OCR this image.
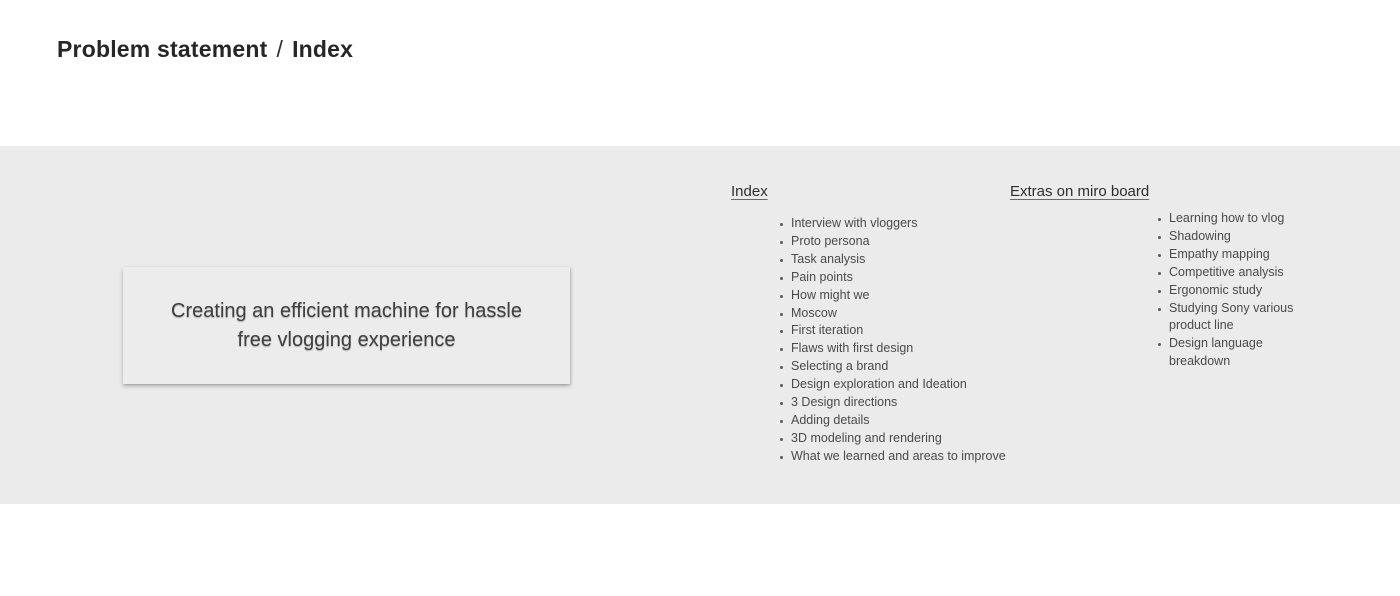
Problem statement / Index
Creating an efficient machine for hassle free vlogging experience
Index
Interview with vloggers
Proto persona
Task analysis
Pain points
How might we
Moscow
First iteration
Flaws with first design
Selecting a brand
Design exploration and Ideation
3 Design directions
Adding details
3D modeling and rendering
What we learned and areas to improve
Extras on miro board
Learning how to vlog
Shadowing
Empathy mapping
Competitive analysis
Ergonomic study
Studying Sony various product line
Design language breakdown
